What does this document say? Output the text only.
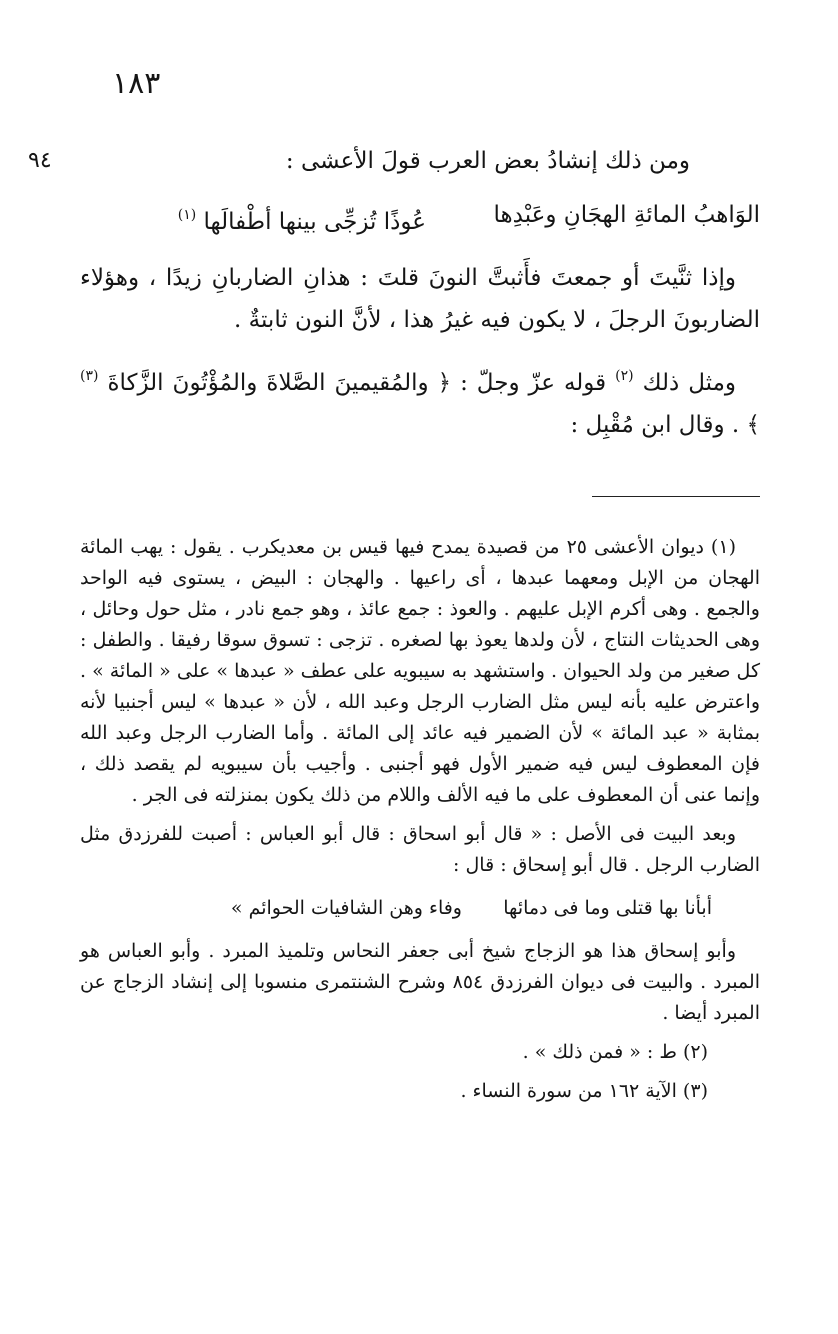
١٨٣
٩٤	ومن ذلك إنشادُ بعض العرب قولَ الأعشى :

الوَاهبُ المائةِ الهجَانِ وعَبْدِها
عُوذًا تُزجِّى بينها أطْفالَها $^{(١)}$

وإذا ثنَّيتَ أو جمعتَ فأَثبتَّ النونَ قلتَ : هذانِ الضاربانِ زيدًا ، وهؤلاء الضاربونَ الرجلَ ، لا يكون فيه غيرُ هذا ، لأنَّ النون ثابتةٌ .

ومثل ذلك $^{(٢)}$ قوله عزّ وجلّ : ﴿ والمُقيمينَ الصَّلاةَ والمُؤْتُونَ الزَّكاةَ $^{(٣)}$ ﴾ . وقال ابن مُقْبِل :

(١) ديوان الأعشى ٢٥ من قصيدة يمدح فيها قيس بن معديكرب . يقول : يهب المائة الهجان من الإبل ومعهما عبدها ، أى راعيها . والهجان : البيض ، يستوى فيه الواحد والجمع . وهى أكرم الإبل عليهم . والعوذ : جمع عائذ ، وهو جمع نادر ، مثل حول وحائل ، وهى الحديثات النتاج ، لأن ولدها يعوذ بها لصغره . تزجى : تسوق سوقا رفيقا . والطفل : كل صغير من ولد الحيوان . واستشهد به سيبويه على عطف « عبدها » على « المائة » . واعترض عليه بأنه ليس مثل الضارب الرجل وعبد الله ، لأن « عبدها » ليس أجنبيا لأنه بمثابة « عبد المائة » لأن الضمير فيه عائد إلى المائة . وأما الضارب الرجل وعبد الله فإن المعطوف ليس فيه ضمير الأول فهو أجنبى . وأجيب بأن سيبويه لم يقصد ذلك ، وإنما عنى أن المعطوف على ما فيه الألف واللام من ذلك يكون بمنزلته فى الجر .

وبعد البيت فى الأصل : « قال أبو اسحاق : قال أبو العباس : أصبت للفرزدق مثل الضارب الرجل . قال أبو إسحاق : قال :

أبأنا بها قتلى وما فى دمائها
وفاء وهن الشافيات الحوائم »

وأبو إسحاق هذا هو الزجاج شيخ أبى جعفر النحاس وتلميذ المبرد . وأبو العباس هو المبرد . والبيت فى ديوان الفرزدق ٨٥٤ وشرح الشنتمرى منسوبا إلى إنشاد الزجاج عن المبرد أيضا .

(٢) ط : « فمن ذلك » .

(٣) الآية ١٦٢ من سورة النساء .
